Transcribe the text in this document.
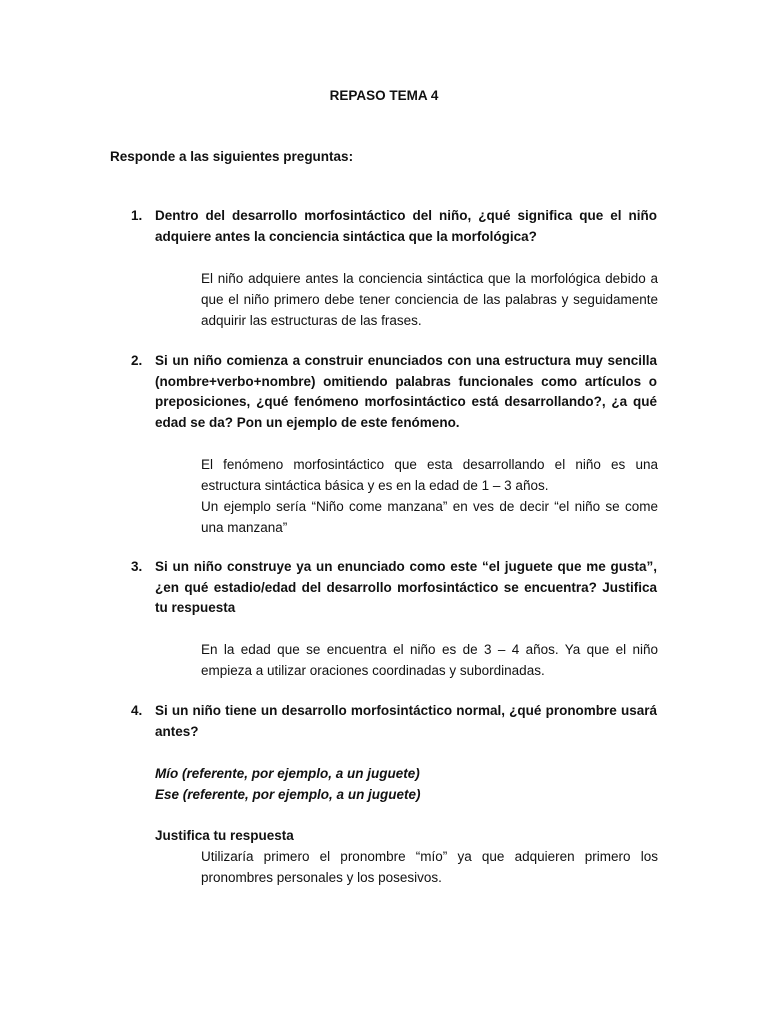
REPASO TEMA 4
Responde a las siguientes preguntas:
1. Dentro del desarrollo morfosintáctico del niño, ¿qué significa que el niño adquiere antes la conciencia sintáctica que la morfológica?

El niño adquiere antes la conciencia sintáctica que la morfológica debido a que el niño primero debe tener conciencia de las palabras y seguidamente adquirir las estructuras de las frases.

2. Si un niño comienza a construir enunciados con una estructura muy sencilla (nombre+verbo+nombre) omitiendo palabras funcionales como artículos o preposiciones, ¿qué fenómeno morfosintáctico está desarrollando?, ¿a qué edad se da? Pon un ejemplo de este fenómeno.

El fenómeno morfosintáctico que esta desarrollando el niño es una estructura sintáctica básica y es en la edad de 1 – 3 años.

Un ejemplo sería “Niño come manzana” en ves de decir “el niño se come una manzana”

3. Si un niño construye ya un enunciado como este “el juguete que me gusta”, ¿en qué estadio/edad del desarrollo morfosintáctico se encuentra? Justifica tu respuesta

En la edad que se encuentra el niño es de 3 – 4 años. Ya que el niño empieza a utilizar oraciones coordinadas y subordinadas.

4. Si un niño tiene un desarrollo morfosintáctico normal, ¿qué pronombre usará antes?

Mío (referente, por ejemplo, a un juguete)

Ese (referente, por ejemplo, a un juguete)

Justifica tu respuesta

Utilizaría primero el pronombre “mío” ya que adquieren primero los pronombres personales y los posesivos.
